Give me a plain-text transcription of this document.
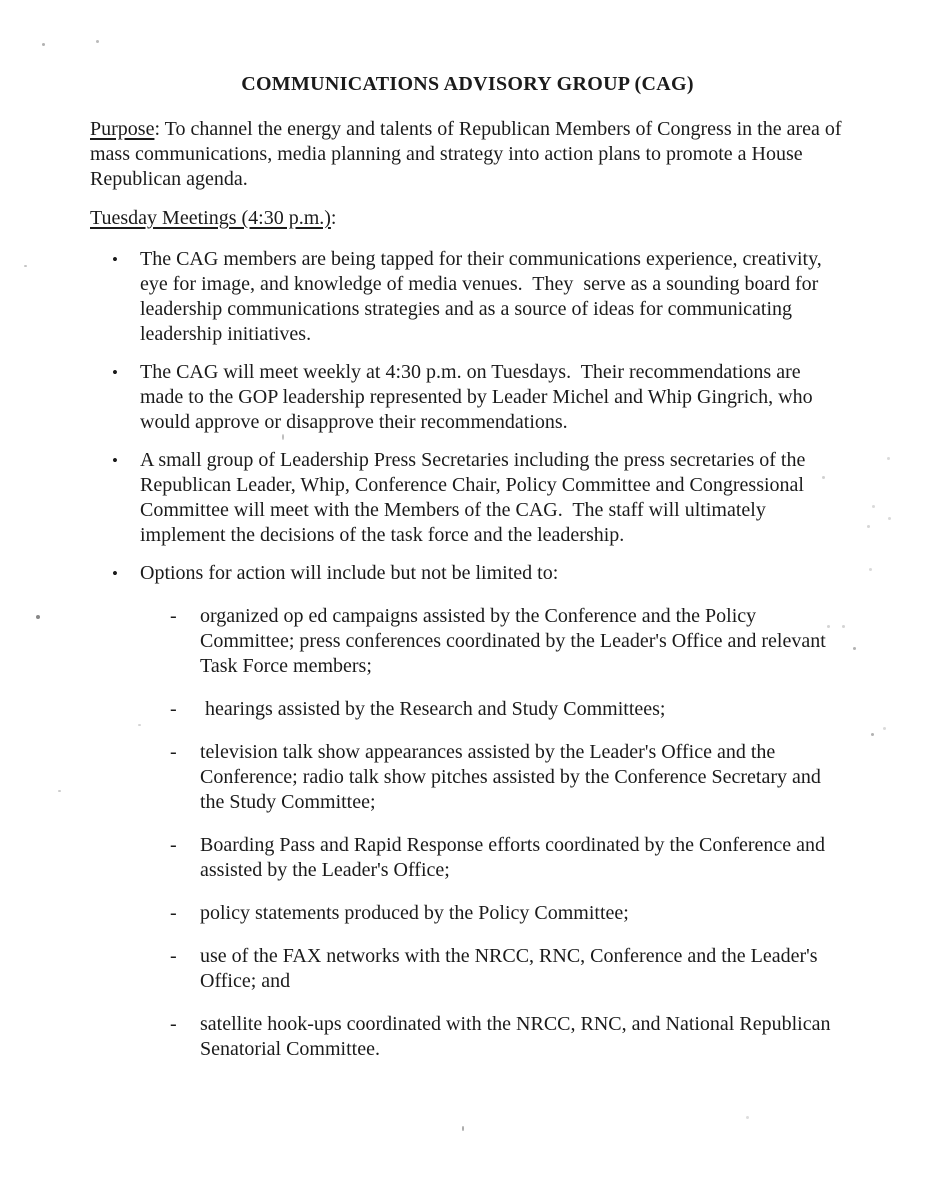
COMMUNICATIONS ADVISORY GROUP (CAG)

Purpose: To channel the energy and talents of Republican Members of Congress in the area of mass communications, media planning and strategy into action plans to promote a House Republican agenda.

Tuesday Meetings (4:30 p.m.):
•	The CAG members are being tapped for their communications experience, creativity, eye for image, and knowledge of media venues.  They  serve as a sounding board for leadership communications strategies and as a source of ideas for communicating leadership initiatives.
•	The CAG will meet weekly at 4:30 p.m. on Tuesdays.  Their recommendations are made to the GOP leadership represented by Leader Michel and Whip Gingrich, who would approve or disapprove their recommendations.
•	A small group of Leadership Press Secretaries including the press secretaries of the Republican Leader, Whip, Conference Chair, Policy Committee and Congressional Committee will meet with the Members of the CAG.  The staff will ultimately  implement the decisions of the task force and the leadership.
•	Options for action will include but not be limited to:
-	organized op ed campaigns assisted by the Conference and the Policy Committee; press conferences coordinated by the Leader's Office and relevant Task Force members;
-	hearings assisted by the Research and Study Committees;
-	television talk show appearances assisted by the Leader's Office and the Conference; radio talk show pitches assisted by the Conference Secretary and the Study Committee;
-	Boarding Pass and Rapid Response efforts coordinated by the Conference and assisted by the Leader's Office;
-	policy statements produced by the Policy Committee;
-	use of the FAX networks with the NRCC, RNC, Conference and the Leader's Office; and
-	satellite hook-ups coordinated with the NRCC, RNC, and National Republican Senatorial Committee.
